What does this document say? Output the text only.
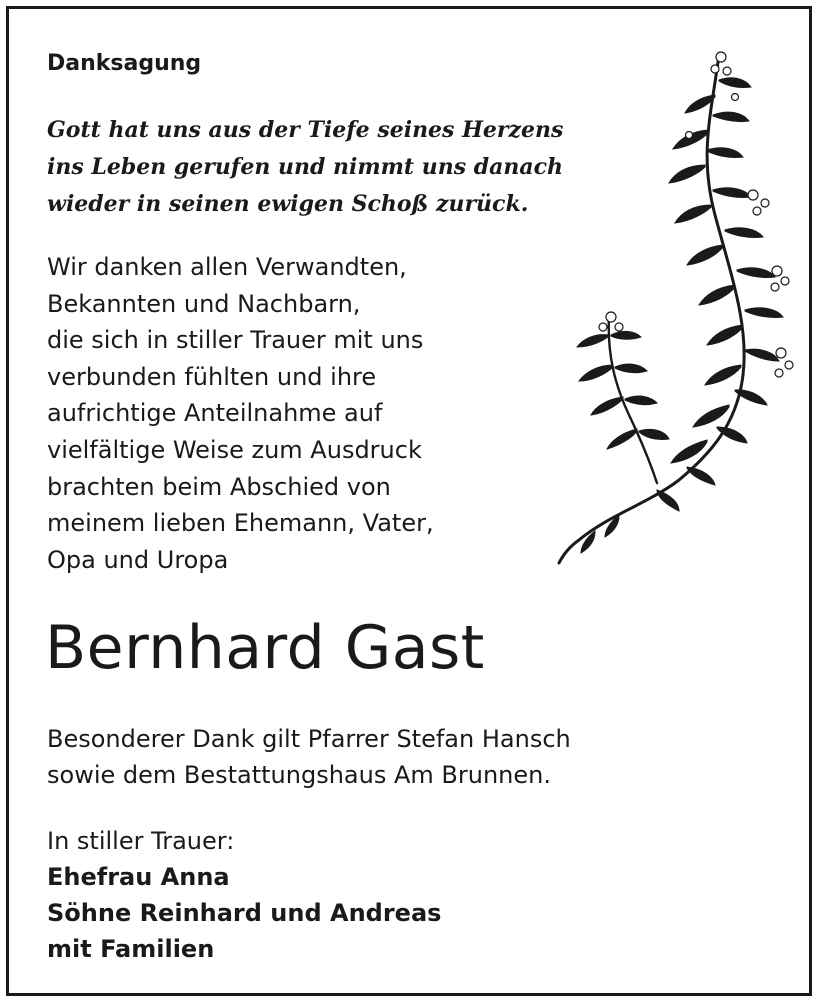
Danksagung

Gott hat uns aus der Tiefe seines Herzens
ins Leben gerufen und nimmt uns danach
wieder in seinen ewigen Schoß zurück.

Wir danken allen Verwandten,
Bekannten und Nachbarn,
die sich in stiller Trauer mit uns
verbunden fühlten und ihre
aufrichtige Anteilnahme auf
vielfältige Weise zum Ausdruck
brachten beim Abschied von
meinem lieben Ehemann, Vater,
Opa und Uropa

Bernhard Gast

Besonderer Dank gilt Pfarrer Stefan Hansch
sowie dem Bestattungshaus Am Brunnen.

In stiller Trauer:

Ehefrau Anna
Söhne Reinhard und Andreas
mit Familien
